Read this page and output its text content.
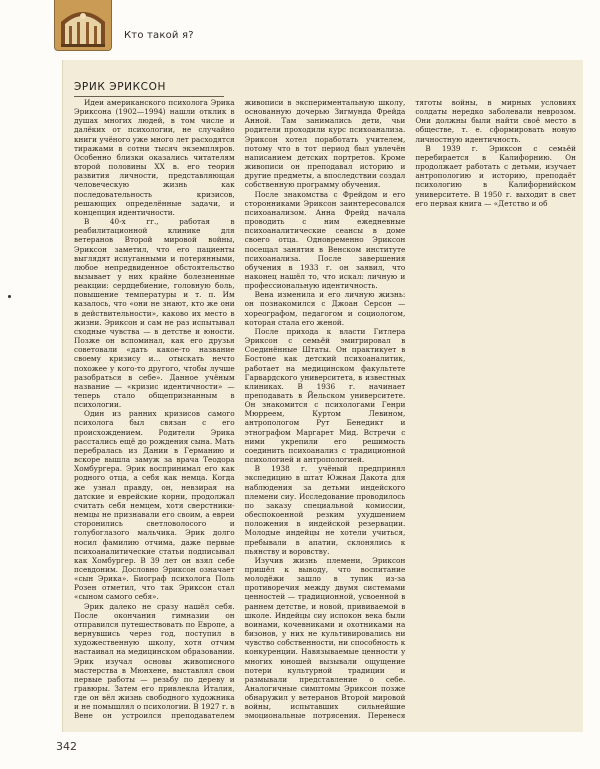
Кто такой я?
ЭРИК ЭРИКСОН

Идеи американского психолога Эрика Эриксона (1902—1994) нашли отклик в душах многих людей, в том числе и далёких от психологии, не случайно книги учёного уже много лет расходятся тиражами в сотни тысяч экземпляров. Особенно близки оказались читателям второй половины XX в. его теория развития личности, представляющая человеческую жизнь как последовательность кризисов, решающих определённые задачи, и концепция идентичности.

В 40-х гг., работая в реабилитационной клинике для ветеранов Второй мировой войны, Эриксон заметил, что его пациенты выглядят испуганными и потерянными, любое непредвиденное обстоятельство вызывает у них крайне болезненные реакции: сердцебиение, головную боль, повышение температуры и т. п. Им казалось, что «они не знают, кто же они в действительности», каково их место в жизни. Эриксон и сам не раз испытывал сходные чувства — в детстве и юности. Позже он вспоминал, как его друзья советовали «дать какое-то название своему кризису и... отыскать нечто похожее у кого-то другого, чтобы лучше разобраться в себе». Данное учёным название — «кризис идентичности» — теперь стало общепризнанным в психологии.

Один из ранних кризисов самого психолога был связан с его происхождением. Родители Эрика расстались ещё до рождения сына. Мать перебралась из Дании в Германию и вскоре вышла замуж за врача Теодора Хомбургера. Эрик воспринимал его как родного отца, а себя как немца. Когда же узнал правду, он, невзирая на датские и еврейские корни, продолжал считать себя немцем, хотя сверстники-немцы не признавали его своим, а евреи сторонились светловолосого и голубоглазого мальчика. Эрик долго носил фамилию отчима, даже первые психоаналитические статьи подписывал как Хомбургер. В 39 лет он взял себе псевдоним. Дословно Эриксон означает «сын Эрика». Биограф психолога Поль Розен отметил, что так Эриксон стал «сыном самого себя».

Эрик далеко не сразу нашёл себя. После окончания гимназии он отправился путешествовать по Европе, а вернувшись через год, поступил в художественную школу, хотя отчим настаивал на медицинском образовании. Эрик изучал основы живописного мастерства в Мюнхене, выставлял свои первые работы — резьбу по дереву и гравюры. Затем его привлекла Италия, где он вёл жизнь свободного художника и не помышлял о психологии. В 1927 г. в Вене он устроился преподавателем живописи в экспериментальную школу, основанную дочерью Зигмунда Фрейда Анной. Там занимались дети, чьи родители проходили курс психоанализа. Эриксон хотел поработать учителем, потому что в тот период был увлечён написанием детских портретов. Кроме живописи он преподавал историю и другие предметы, а впоследствии создал собственную программу обучения.

После знакомства с Фрейдом и его сторонниками Эриксон заинтересовался психоанализом. Анна Фрейд начала проводить с ним ежедневные психоаналитические сеансы в доме своего отца. Одновременно Эриксон посещал занятия в Венском институте психоанализа. После завершения обучения в 1933 г. он заявил, что наконец нашёл то, что искал: личную и профессиональную идентичность.

Вена изменила и его личную жизнь: он познакомился с Джоан Серсон — хореографом, педагогом и социологом, которая стала его женой.

После прихода к власти Гитлера Эриксон с семьёй эмигрировал в Соединённые Штаты. Он практикует в Бостоне как детский психоаналитик, работает на медицинском факультете Гарвардского университета, в известных клиниках. В 1936 г. начинает преподавать в Йельском университете. Он знакомится с психологами Генри Мюрреем, Куртом Левином, антропологом Рут Бенедикт и этнографом Маргарет Мид. Встречи с ними укрепили его решимость соединить психоанализ с традиционной психологией и антропологией.

В 1938 г. учёный предпринял экспедицию в штат Южная Дакота для наблюдения за детьми индейского племени сиу. Исследование проводилось по заказу специальной комиссии, обеспокоенной резким ухудшением положения в индейской резервации. Молодые индейцы не хотели учиться, пребывали в апатии, склонялись к пьянству и воровству.

Изучив жизнь племени, Эриксон пришёл к выводу, что воспитание молодёжи зашло в тупик из-за противоречия между двумя системами ценностей — традиционной, усвоенной в раннем детстве, и новой, прививаемой в школе. Индейцы сиу испокон века были воинами, кочевниками и охотниками на бизонов, у них не культивировались ни чувство собственности, ни способность к конкуренции. Навязываемые ценности у многих юношей вызывали ощущение потери культурной традиции и размывали представление о себе. Аналогичные симптомы Эриксон позже обнаружил у ветеранов Второй мировой войны, испытавших сильнейшие эмоциональные потрясения. Перенеся тяготы войны, в мирных условиях солдаты нередко заболевали неврозом. Они должны были найти своё место в обществе, т. е. сформировать новую личностную идентичность.

В 1939 г. Эриксон с семьёй перебирается в Калифорнию. Он продолжает работать с детьми, изучает антропологию и историю, преподаёт психологию в Калифорнийском университете. В 1950 г. выходит в свет его первая книга — «Детство и об

342
